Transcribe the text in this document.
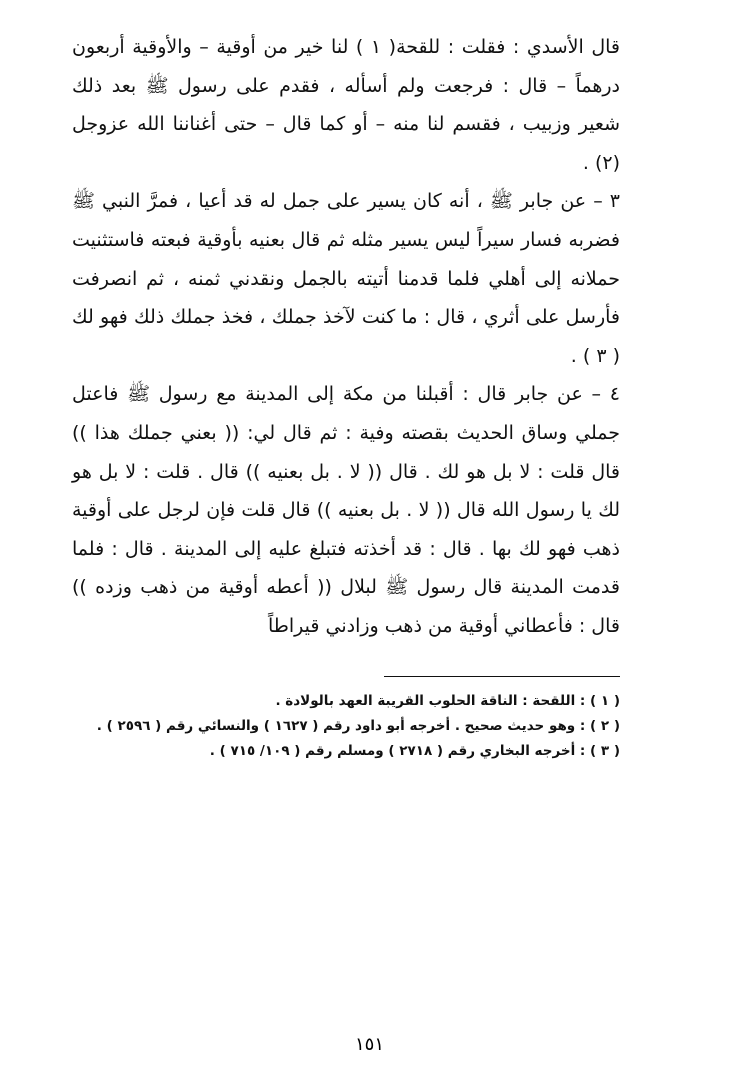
قال الأسدي : فقلت : للقحة( ١ ) لنا خير من أوقية – والأوقية أربعون درهماً – قال : فرجعت ولم أسأله ، فقدم على رسول ﷺ بعد ذلك شعير وزبيب ، فقسم لنا منه – أو كما قال – حتى أغناننا الله عزوجل (٢) .

٣ – عن جابر ﷺ ، أنه كان يسير على جمل له قد أعيا ، فمرَّ النبي ﷺ فضربه فسار سيراً ليس يسير مثله ثم قال بعنيه بأوقية فبعته فاستثنيت حملانه إلى أهلي فلما قدمنا أتيته بالجمل ونقدني ثمنه ، ثم انصرفت فأرسل على أثري ، قال : ما كنت لآخذ جملك ، فخذ جملك ذلك فهو لك ( ٣ ) .

٤ – عن جابر قال : أقبلنا من مكة إلى المدينة مع رسول ﷺ فاعتل جملي وساق الحديث بقصته وفية : ثم قال لي: (( بعني جملك هذا )) قال قلت : لا بل هو لك . قال (( لا . بل بعنيه )) قال . قلت : لا بل هو لك يا رسول الله قال (( لا . بل بعنيه )) قال قلت فإن لرجل على أوقية ذهب فهو لك بها . قال : قد أخذته فتبلغ عليه إلى المدينة . قال : فلما قدمت المدينة قال رسول ﷺ لبلال (( أعطه أوقية من ذهب وزده )) قال : فأعطاني أوقية من ذهب وزادني قيراطاً

( ١ ) : اللقحة : الناقة الحلوب القريبة العهد بالولادة .
( ٢ ) : وهو حديث صحيح . أخرجه أبو داود رقم ( ١٦٢٧ ) والنسائي رقم ( ٢٥٩٦ ) .
( ٣ ) : أخرجه البخاري رقم ( ٢٧١٨ ) ومسلم رقم ( ١٠٩/ ٧١٥ ) .
١٥١
